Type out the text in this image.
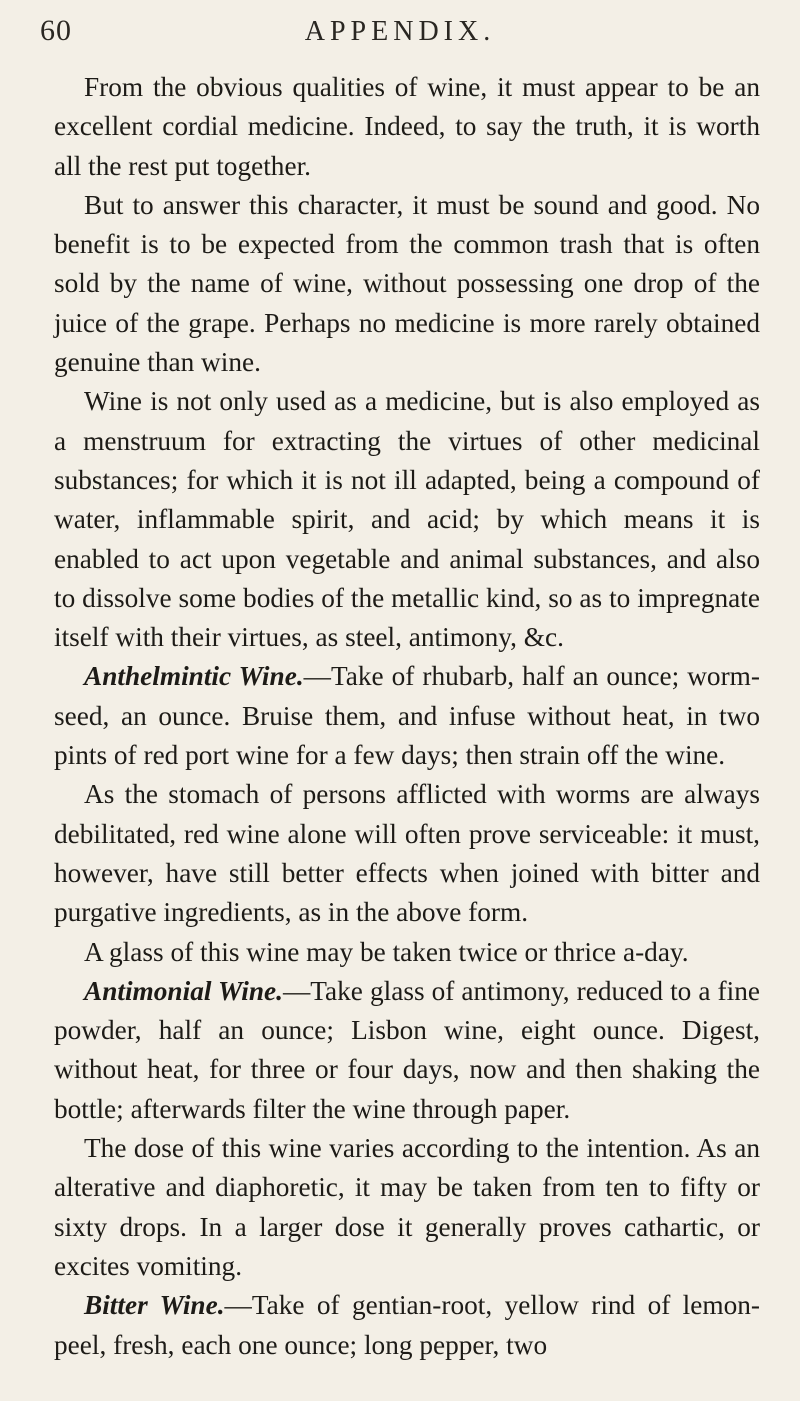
60	APPENDIX.

From the obvious qualities of wine, it must appear to be an excellent cordial medicine. Indeed, to say the truth, it is worth all the rest put together.

But to answer this character, it must be sound and good. No benefit is to be expected from the common trash that is often sold by the name of wine, without possessing one drop of the juice of the grape. Perhaps no medicine is more rarely obtained genuine than wine.

Wine is not only used as a medicine, but is also employed as a menstruum for extracting the virtues of other medicinal substances; for which it is not ill adapted, being a compound of water, inflammable spirit, and acid; by which means it is enabled to act upon vegetable and animal substances, and also to dissolve some bodies of the metallic kind, so as to impregnate itself with their virtues, as steel, antimony, &c.

Anthelmintic Wine.—Take of rhubarb, half an ounce; worm-seed, an ounce. Bruise them, and infuse without heat, in two pints of red port wine for a few days; then strain off the wine.

As the stomach of persons afflicted with worms are always debilitated, red wine alone will often prove serviceable: it must, however, have still better effects when joined with bitter and purgative ingredients, as in the above form.

A glass of this wine may be taken twice or thrice a-day.

Antimonial Wine.—Take glass of antimony, reduced to a fine powder, half an ounce; Lisbon wine, eight ounce. Digest, without heat, for three or four days, now and then shaking the bottle; afterwards filter the wine through paper.

The dose of this wine varies according to the intention. As an alterative and diaphoretic, it may be taken from ten to fifty or sixty drops. In a larger dose it generally proves cathartic, or excites vomiting.

Bitter Wine.—Take of gentian-root, yellow rind of lemon-peel, fresh, each one ounce; long pepper, two
